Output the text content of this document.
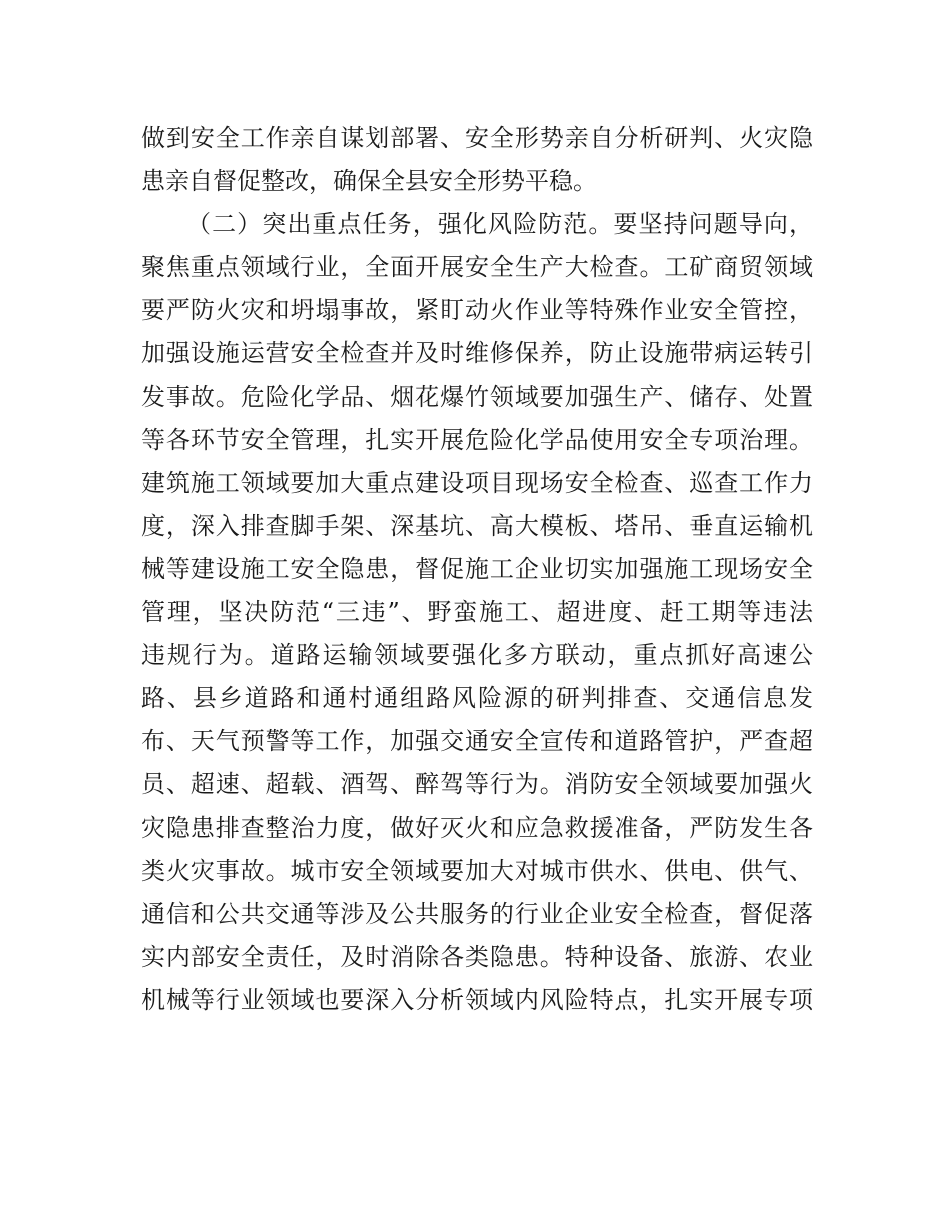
做到安全工作亲自谋划部署、安全形势亲自分析研判、火灾隐
患亲自督促整改，确保全县安全形势平稳。
（二）突出重点任务，强化风险防范。要坚持问题导向，
聚焦重点领域行业，全面开展安全生产大检查。工矿商贸领域
要严防火灾和坍塌事故，紧盯动火作业等特殊作业安全管控，
加强设施运营安全检查并及时维修保养，防止设施带病运转引
发事故。危险化学品、烟花爆竹领域要加强生产、储存、处置
等各环节安全管理，扎实开展危险化学品使用安全专项治理。
建筑施工领域要加大重点建设项目现场安全检查、巡查工作力
度，深入排查脚手架、深基坑、高大模板、塔吊、垂直运输机
械等建设施工安全隐患，督促施工企业切实加强施工现场安全
管理，坚决防范“三违”、野蛮施工、超进度、赶工期等违法
违规行为。道路运输领域要强化多方联动，重点抓好高速公
路、县乡道路和通村通组路风险源的研判排查、交通信息发
布、天气预警等工作，加强交通安全宣传和道路管护，严查超
员、超速、超载、酒驾、醉驾等行为。消防安全领域要加强火
灾隐患排查整治力度，做好灭火和应急救援准备，严防发生各
类火灾事故。城市安全领域要加大对城市供水、供电、供气、
通信和公共交通等涉及公共服务的行业企业安全检查，督促落
实内部安全责任，及时消除各类隐患。特种设备、旅游、农业
机械等行业领域也要深入分析领域内风险特点，扎实开展专项
